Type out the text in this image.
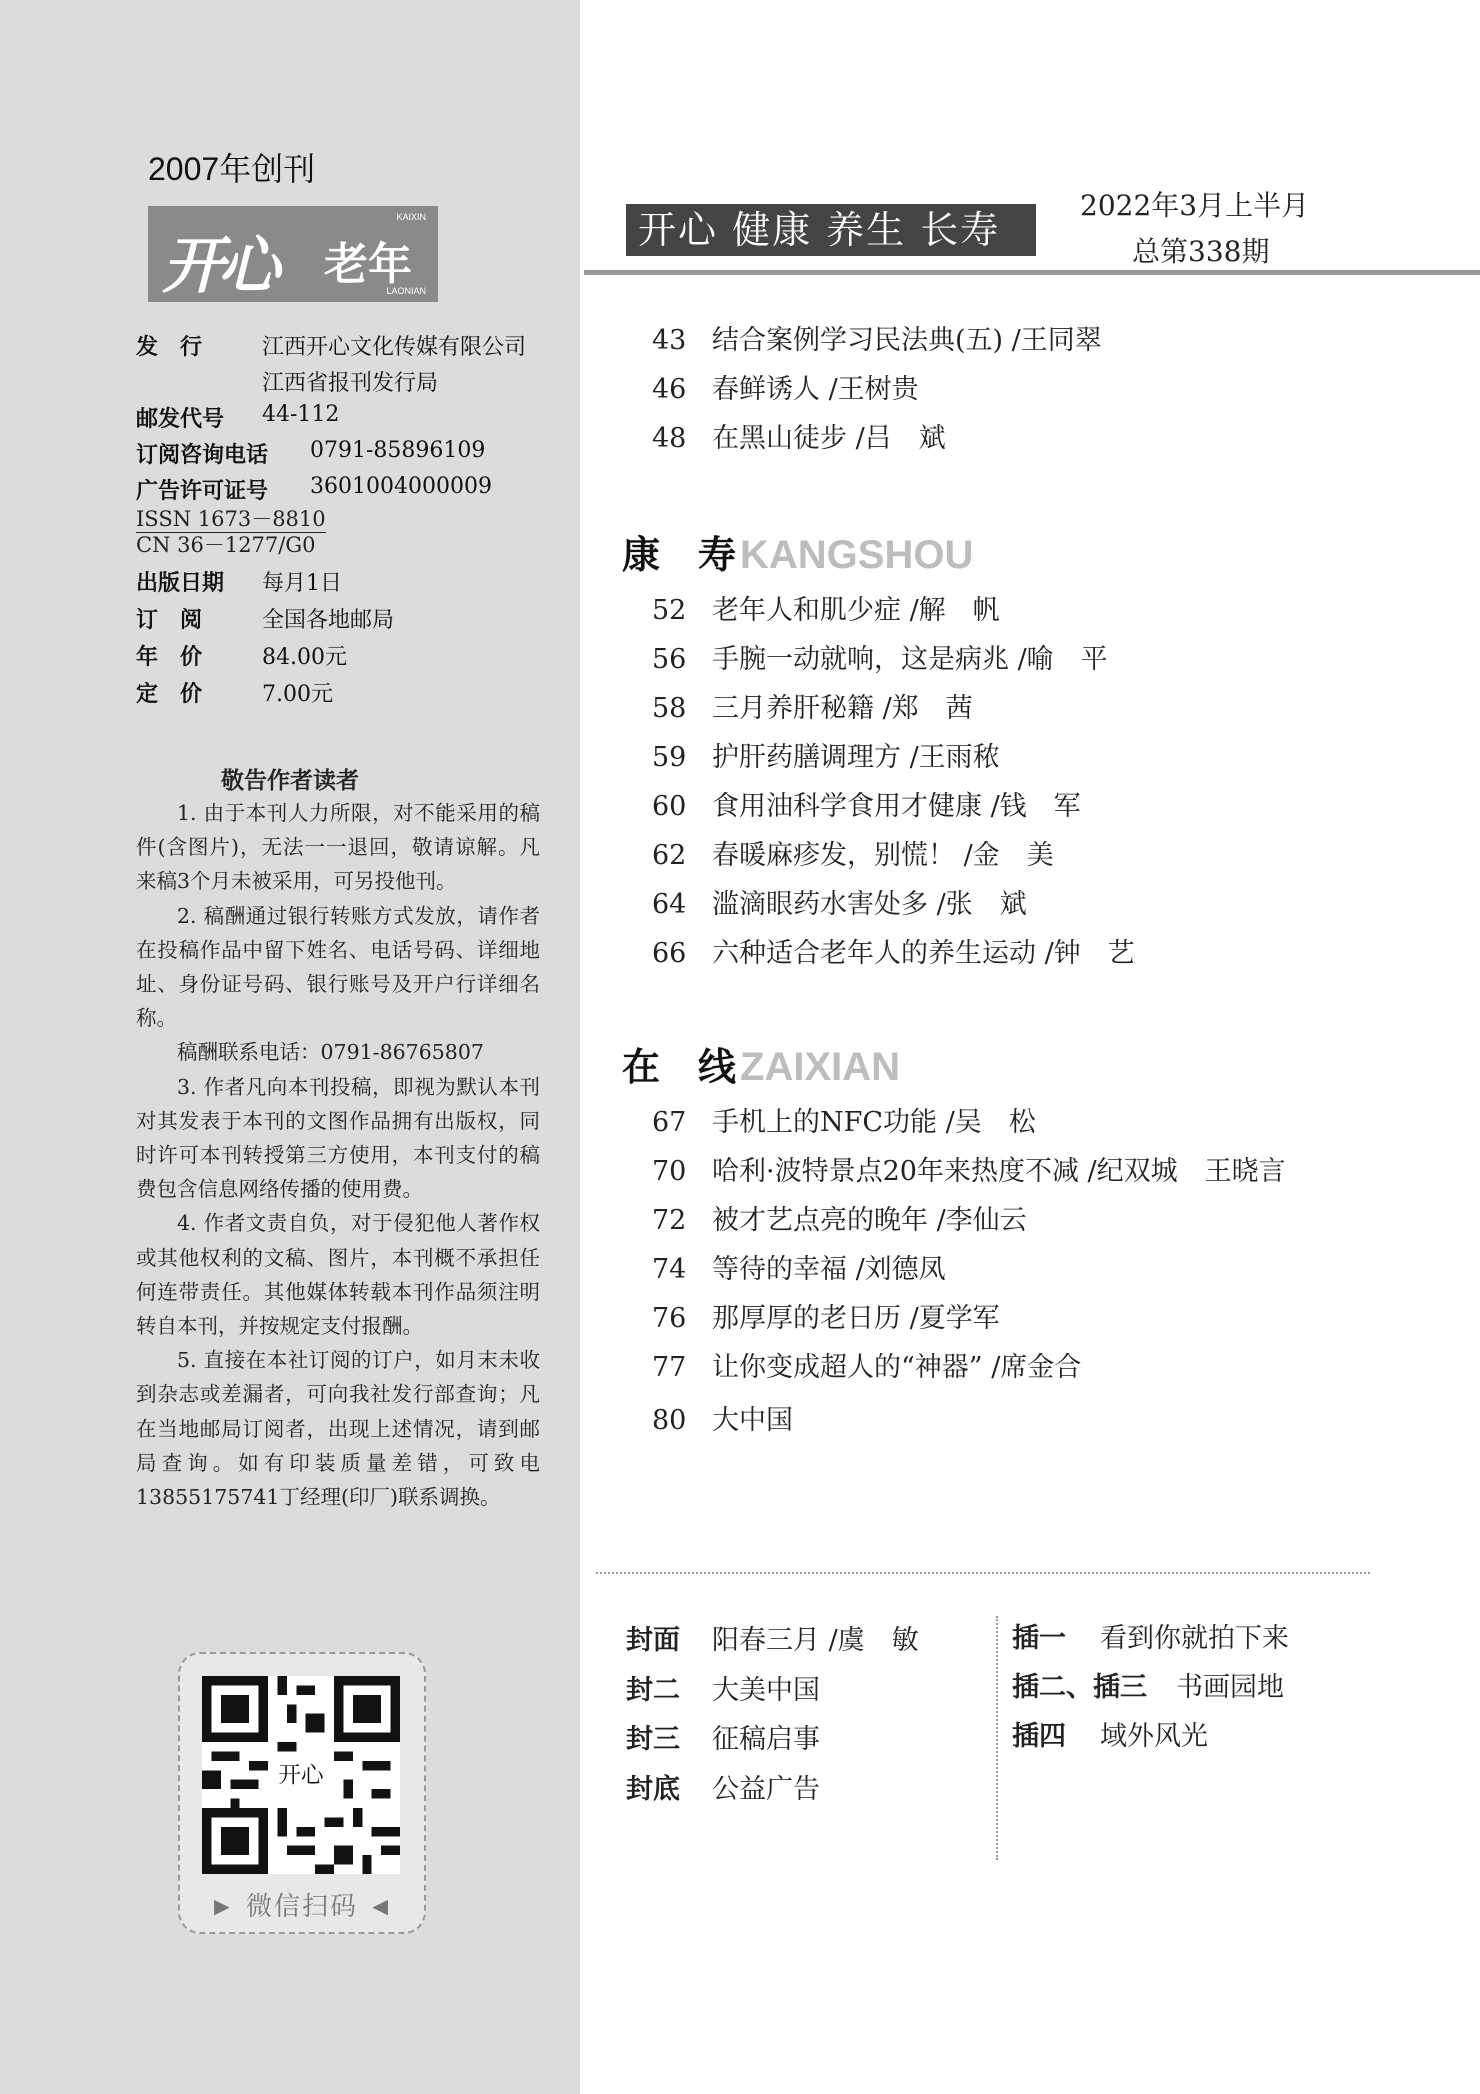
2007年创刊
开心 老年
KAIXIN
LAONIAN
发　行	江西开心文化传媒有限公司
江西省报刊发行局
邮发代号 44-112
订阅咨询电话 0791-85896109
广告许可证号 3601004000009
ISSN 1673－8810
CN 36－1277/G0
出版日期 每月1日
订　阅	全国各地邮局
年　价	84.00元
定　价	7.00元
敬告作者读者

1. 由于本刊人力所限，对不能采用的稿件(含图片)，无法一一退回，敬请谅解。凡来稿3个月未被采用，可另投他刊。

2. 稿酬通过银行转账方式发放，请作者在投稿作品中留下姓名、电话号码、详细地址、身份证号码、银行账号及开户行详细名称。

稿酬联系电话：0791-86765807

3. 作者凡向本刊投稿，即视为默认本刊对其发表于本刊的文图作品拥有出版权，同时许可本刊转授第三方使用，本刊支付的稿费包含信息网络传播的使用费。

4. 作者文责自负，对于侵犯他人著作权或其他权利的文稿、图片，本刊概不承担任何连带责任。其他媒体转载本刊作品须注明转自本刊，并按规定支付报酬。

5. 直接在本社订阅的订户，如月末未收到杂志或差漏者，可向我社发行部查询；凡在当地邮局订阅者，出现上述情况，请到邮局查询。如有印装质量差错，可致电13855175741丁经理(印厂)联系调换。

开心
► 微信扫码 ◄
开心 健康 养生 长寿
2022年3月上半月
总第338期
43 结合案例学习民法典(五) /王同翠
46 春鲜诱人 /王树贵
48 在黑山徒步 /吕　斌
康　寿 KANGSHOU
52 老年人和肌少症 /解　帆
56 手腕一动就响，这是病兆 /喻　平
58 三月养肝秘籍 /郑　茜
59 护肝药膳调理方 /王雨秾
60 食用油科学食用才健康 /钱　军
62 春暖麻疹发，别慌！ /金　美
64 滥滴眼药水害处多 /张　斌
66 六种适合老年人的养生运动 /钟　艺
在　线 ZAIXIAN
67 手机上的NFC功能 /吴　松
70 哈利·波特景点20年来热度不减 /纪双城　王晓言
72 被才艺点亮的晚年 /李仙云
74 等待的幸福 /刘德凤
76 那厚厚的老日历 /夏学军
77 让你变成超人的“神器” /席金合
80 大中国
封面 阳春三月 /虞　敏
封二 大美中国
封三 征稿启事
封底 公益广告
插一 看到你就拍下来
插二、插三 书画园地
插四 域外风光
